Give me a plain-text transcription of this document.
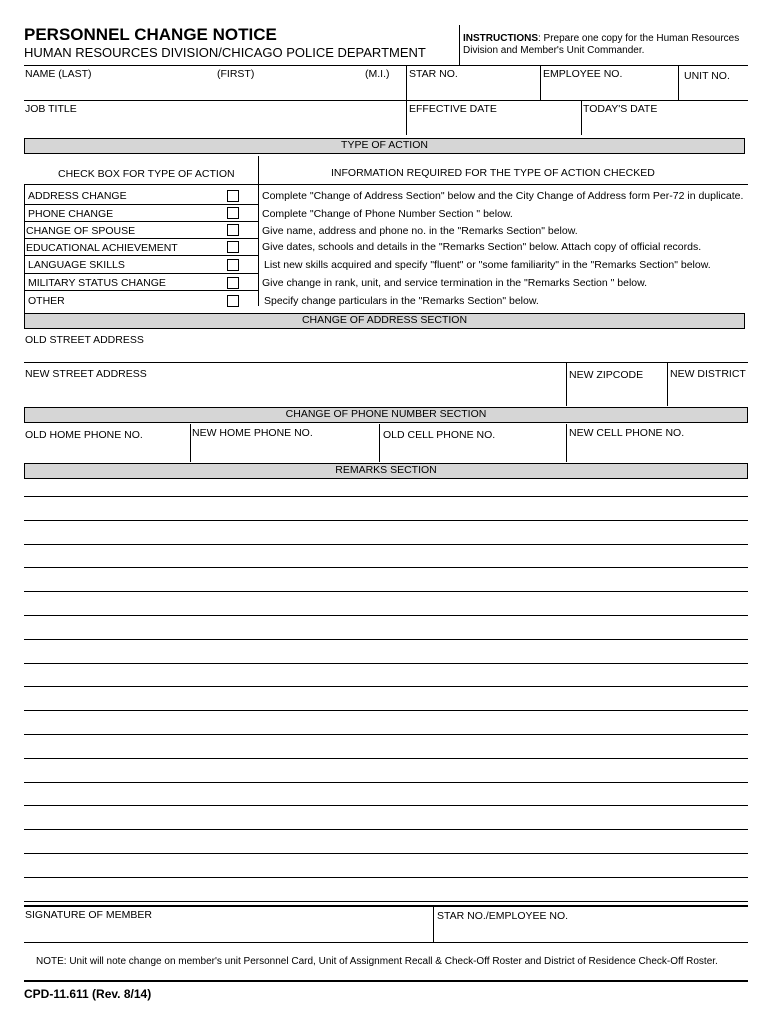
PERSONNEL CHANGE NOTICE
HUMAN RESOURCES DIVISION/CHICAGO POLICE DEPARTMENT
INSTRUCTIONS: Prepare one copy for the Human Resources Division and Member's Unit Commander.
NAME (LAST)	(FIRST)	(M.I.) STAR NO.	EMPLOYEE NO.	UNIT NO.
JOB TITLE	EFFECTIVE DATE	TODAY'S DATE
TYPE OF ACTION
CHECK BOX FOR TYPE OF ACTION	INFORMATION REQUIRED FOR THE TYPE OF ACTION CHECKED
ADDRESS CHANGE	Complete "Change of Address Section" below and the City Change of Address form Per-72 in duplicate.
PHONE CHANGE	Complete "Change of Phone Number Section " below.
CHANGE OF SPOUSE	Give name, address and phone no. in the "Remarks Section" below.
EDUCATIONAL ACHIEVEMENT	Give dates, schools and details in the "Remarks Section" below. Attach copy of official records.
LANGUAGE SKILLS	List new skills acquired and specify "fluent" or "some familiarity" in the "Remarks Section" below.
MILITARY STATUS CHANGE	Give change in rank, unit, and service termination in the "Remarks Section " below.
OTHER	Specify change particulars in the "Remarks Section" below.
CHANGE OF ADDRESS SECTION
OLD STREET ADDRESS
NEW STREET ADDRESS	NEW ZIPCODE	NEW DISTRICT
CHANGE OF PHONE NUMBER SECTION
OLD HOME PHONE NO.	NEW HOME PHONE NO.	OLD CELL PHONE NO.	NEW CELL PHONE NO.
REMARKS SECTION
SIGNATURE OF MEMBER	STAR NO./EMPLOYEE NO.
NOTE: Unit will note change on member's unit Personnel Card, Unit of Assignment Recall & Check-Off Roster and District of Residence Check-Off Roster.
CPD-11.611 (Rev. 8/14)
